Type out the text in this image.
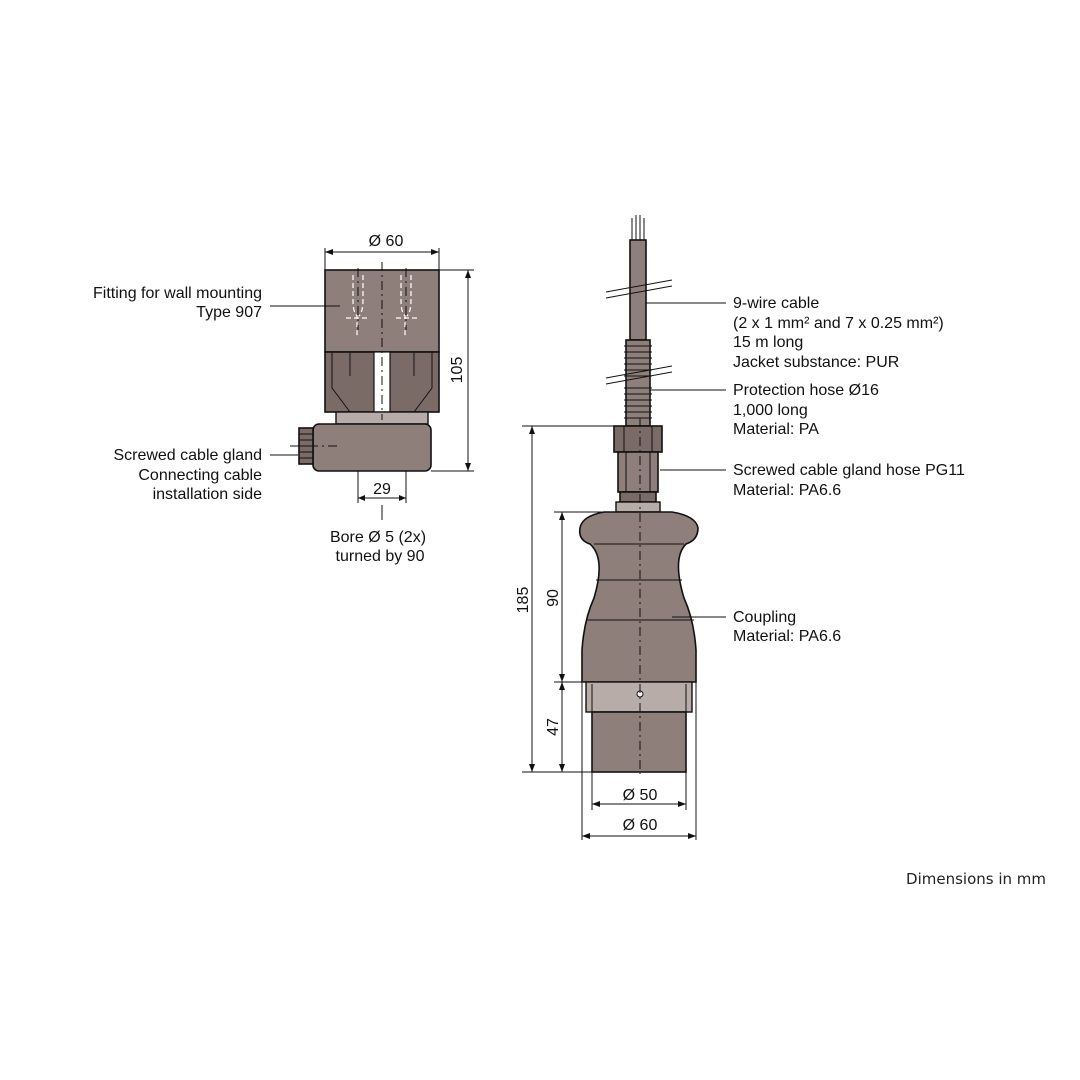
Ø 60
105
29
Fitting for wall mounting
Type 907
Screwed cable gland
Connecting cable
installation side
Bore Ø 5 (2x)
turned by 90
185 90
47
Ø 50
Ø 60
9-wire cable
(2 x 1 mm² and 7 x 0.25 mm²)
15 m long
Jacket substance: PUR
Protection hose Ø16
1,000 long
Material: PA
Screwed cable gland hose PG11
Material: PA6.6
Coupling
Material: PA6.6
Dimensions in mm
